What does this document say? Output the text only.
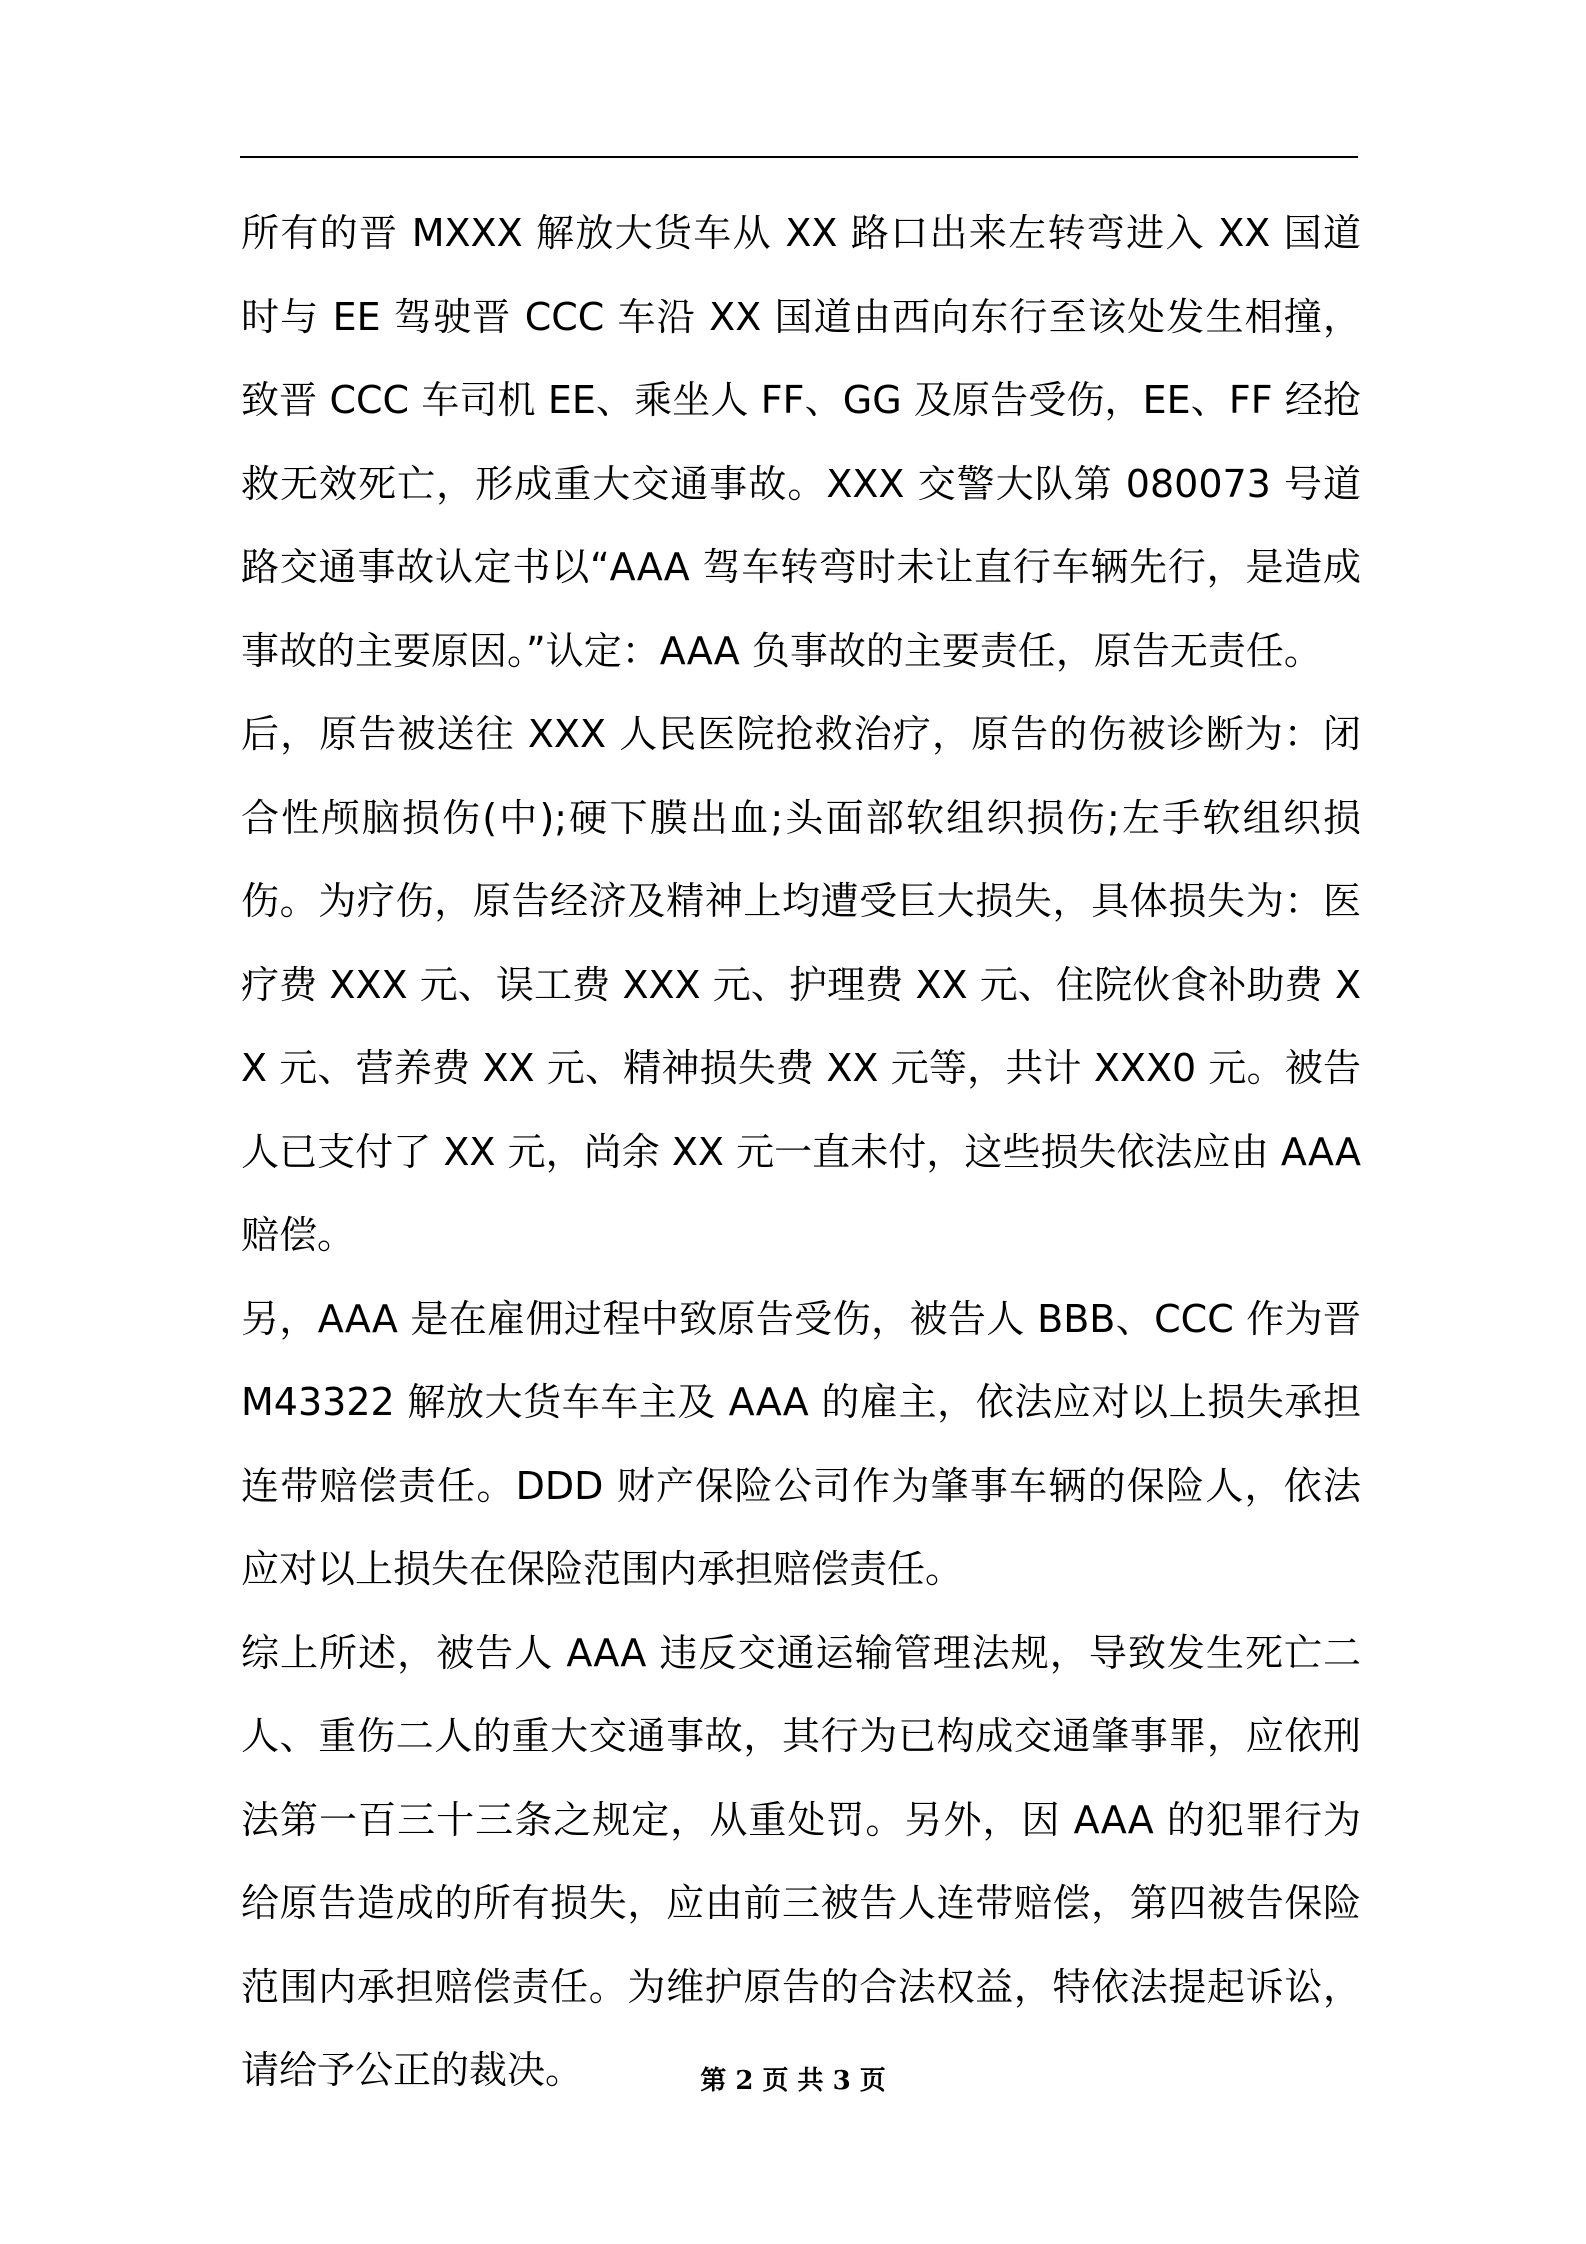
所有的晋 MXXX 解放大货车从 XX 路口出来左转弯进入 XX 国道时与 EE 驾驶晋 CCC 车沿 XX 国道由西向东行至该处发生相撞，致晋 CCC 车司机 EE、乘坐人 FF、GG 及原告受伤，EE、FF 经抢救无效死亡，形成重大交通事故。XXX 交警大队第 080073 号道路交通事故认定书以“AAA 驾车转弯时未让直行车辆先行，是造成事故的主要原因。”认定：AAA 负事故的主要责任，原告无责任。

后，原告被送往 XXX 人民医院抢救治疗，原告的伤被诊断为：闭合性颅脑损伤(中);硬下膜出血;头面部软组织损伤;左手软组织损伤。为疗伤，原告经济及精神上均遭受巨大损失，具体损失为：医疗费 XXX 元、误工费 XXX 元、护理费 XX 元、住院伙食补助费 XX 元、营养费 XX 元、精神损失费 XX 元等，共计 XXX0 元。被告人已支付了 XX 元，尚余 XX 元一直未付，这些损失依法应由 AAA 赔偿。

另，AAA 是在雇佣过程中致原告受伤，被告人 BBB、CCC 作为晋 M43322 解放大货车车主及 AAA 的雇主，依法应对以上损失承担连带赔偿责任。DDD 财产保险公司作为肇事车辆的保险人，依法应对以上损失在保险范围内承担赔偿责任。

综上所述，被告人 AAA 违反交通运输管理法规，导致发生死亡二人、重伤二人的重大交通事故，其行为已构成交通肇事罪，应依刑法第一百三十三条之规定，从重处罚。另外，因 AAA 的犯罪行为给原告造成的所有损失，应由前三被告人连带赔偿，第四被告保险范围内承担赔偿责任。为维护原告的合法权益，特依法提起诉讼，请给予公正的裁决。	第 2 页 共 3 页
